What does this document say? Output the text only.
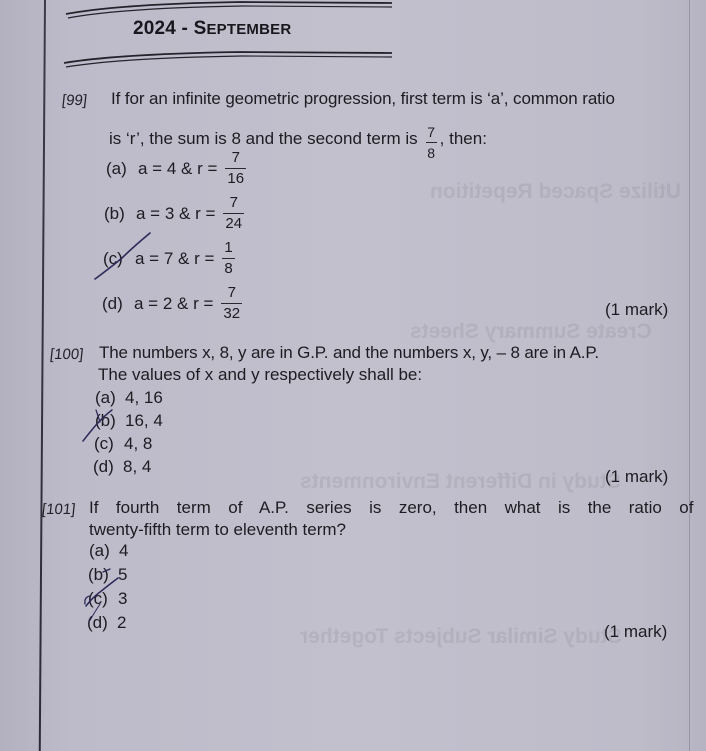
Utilize Spaced Repetition
Create Summary Sheets
Study in Different Environments
Study Similar Subjects Together
2024 - SEPTEMBER
[99] If for an infinite geometric progression, first term is ‘a’, common ratio
is ‘r’, the sum is 8 and the second term is $\frac{7}{8}$ , then:
(a) a = 4 & $r = \frac{7}{16}$
(b) a = 3 & $r = \frac{7}{24}$
(c) a = 7 & $r = \frac{1}{8}$
(d) a = 2 & $r = \frac{7}{32}$	(1 mark)
[100] The numbers x, 8, y are in G.P. and the numbers x, y, – 8 are in A.P.
The values of x and y respectively shall be:
(a) 4, 16
(b) 16, 4
(c) 4, 8
(d) 8, 4
(1 mark)
[101] If  fourth  term  of  A.P.  series  is  zero,  then  what  is  the  ratio  of
twenty-fifth term to eleventh term?
(a) 4
(b) 5
(c) 3
(d) 2	(1 mark)
